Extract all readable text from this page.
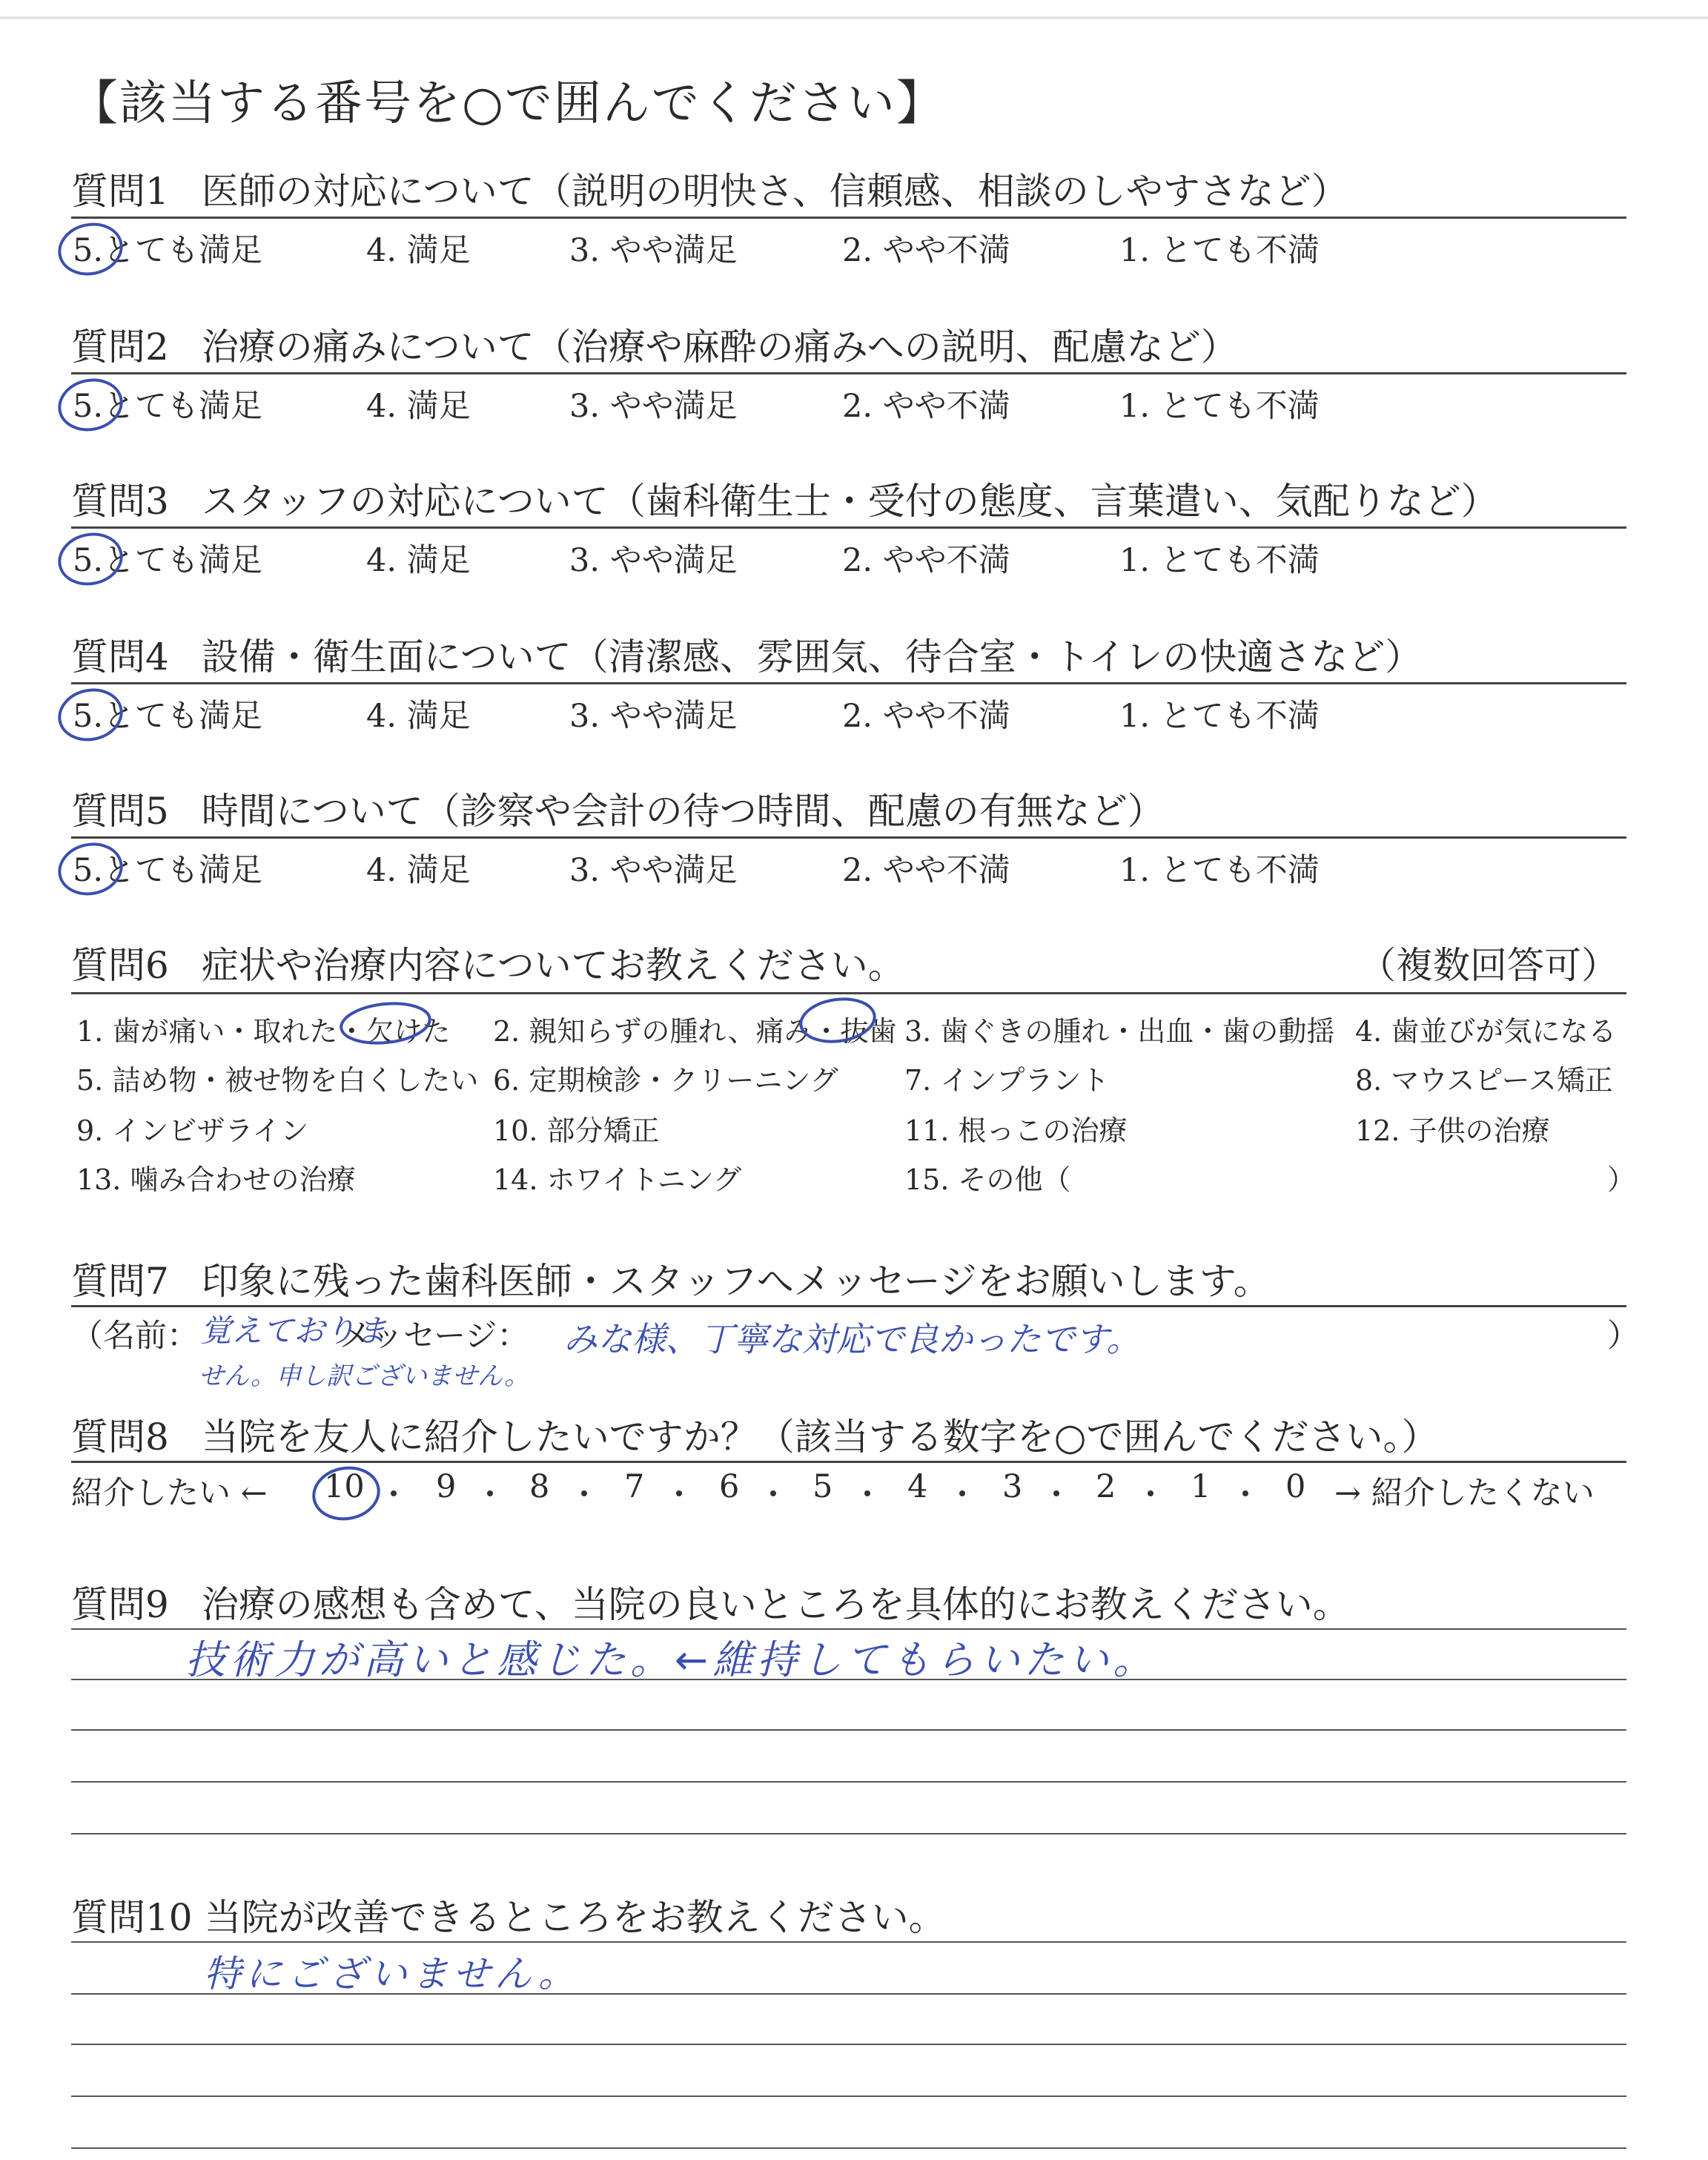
【該当する番号を○で囲んでください】
質問1 医師の対応について（説明の明快さ、信頼感、相談のしやすさなど）
5.とても満足	4. 満足	3. やや満足	2. やや不満	1. とても不満
質問2 治療の痛みについて（治療や麻酔の痛みへの説明、配慮など）
5.とても満足	4. 満足	3. やや満足	2. やや不満	1. とても不満
質問3 スタッフの対応について（歯科衛生士・受付の態度、言葉遣い、気配りなど）
5.とても満足	4. 満足	3. やや満足	2. やや不満	1. とても不満
質問4 設備・衛生面について（清潔感、雰囲気、待合室・トイレの快適さなど）
5.とても満足	4. 満足	3. やや満足	2. やや不満	1. とても不満
質問5 時間について（診察や会計の待つ時間、配慮の有無など）
5.とても満足	4. 満足	3. やや満足	2. やや不満	1. とても不満
質問6 症状や治療内容についてお教えください。	（複数回答可）
1. 歯が痛い・取れた・欠けた 2. 親知らずの腫れ、痛み・抜歯 3. 歯ぐきの腫れ・出血・歯の動揺 4. 歯並びが気になる
5. 詰め物・被せ物を白くしたい 6. 定期検診・クリーニング 7. インプラント	8. マウスピース矯正
9. インビザライン	10. 部分矯正	11. 根っこの治療	12. 子供の治療
13. 噛み合わせの治療	14. ホワイトニング	15. その他（	）
質問7 印象に残った歯科医師・スタッフへメッセージをお願いします。
（名前：	メッセージ：	）
覚えておりま
せん。申し訳ございません。
みな様、丁寧な対応で良かったです。
質問8 当院を友人に紹介したいですか？（該当する数字を○で囲んでください。）
紹介したい ←	→ 紹介したくない
10 9 8 7 6 5 4 3 2 1 0
質問9 治療の感想も含めて、当院の良いところを具体的にお教えください。
技術力が高いと感じた。←維持してもらいたい。
質問10 当院が改善できるところをお教えください。
特にございません。
